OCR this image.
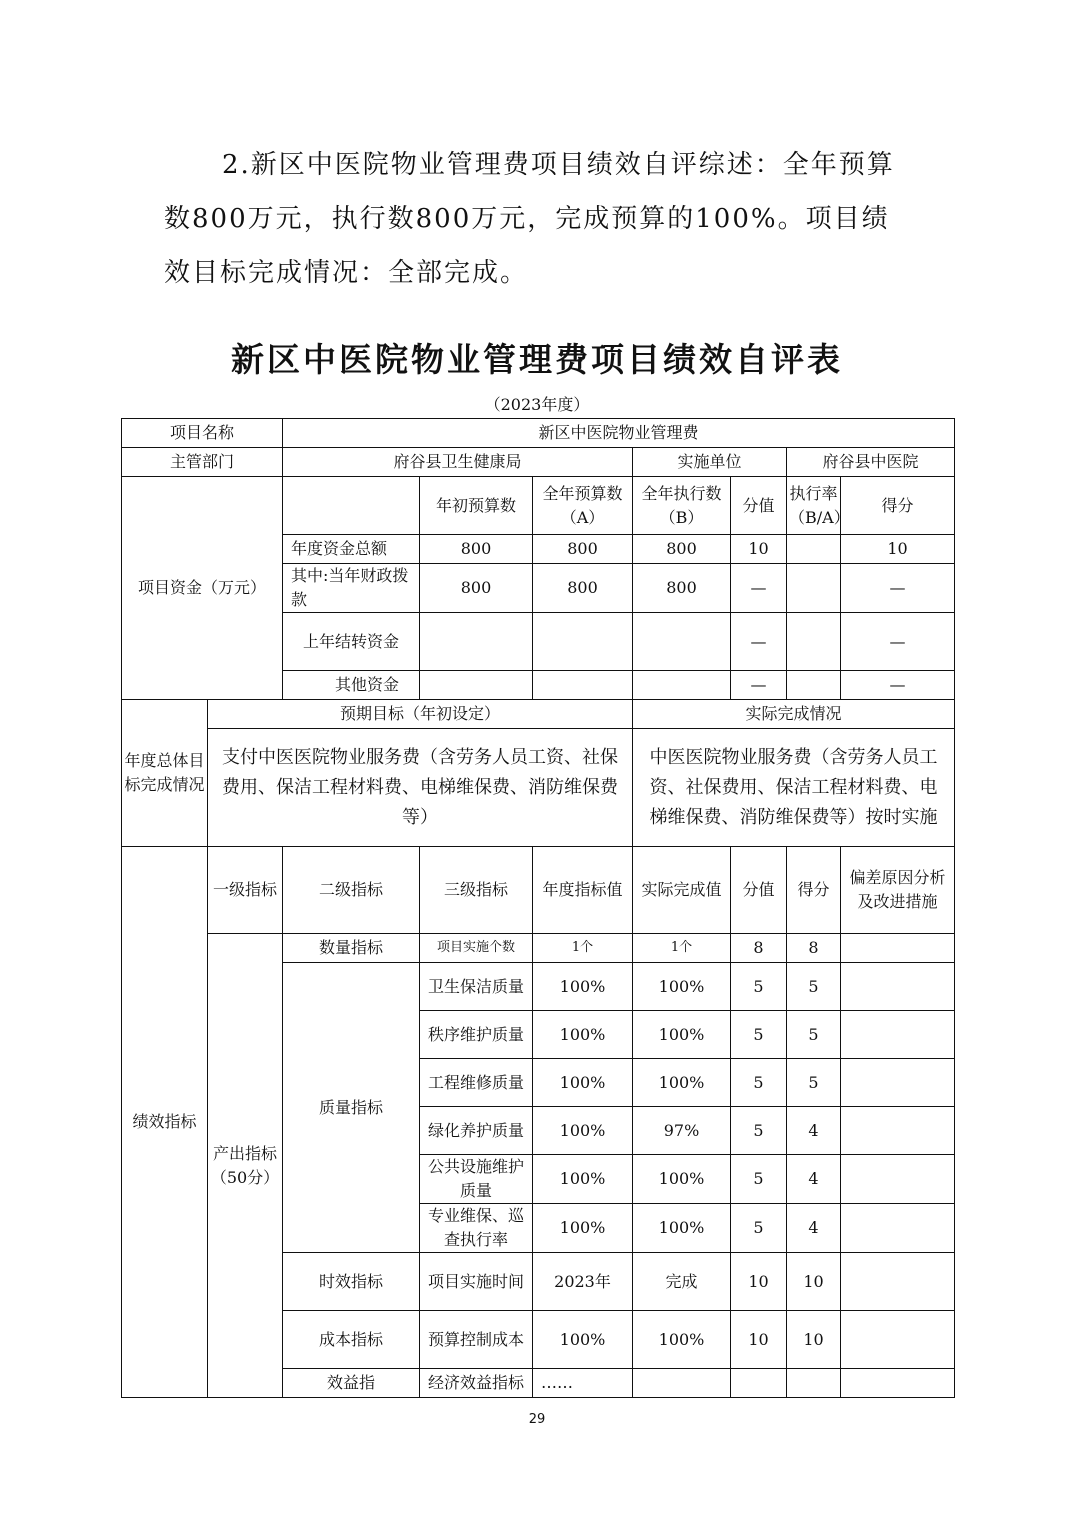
2.新区中医院物业管理费项目绩效自评综述：全年预算数800万元，执行数800万元，完成预算的100%。项目绩效目标完成情况：全部完成。

新区中医院物业管理费项目绩效自评表
（2023年度）
项目名称		新区中医院物业管理费							
主管部门		府谷县卫生健康局			实施单位		府谷县中医院		
项目资金（万元）			年初预算数	全年预算数（A）	全年执行数（B）	分值	执行率（B/A）	得分	
		年度资金总额	800	800	800	10		10	
		其中:当年财政拨款	800	800	800	—		—	
		上年结转资金				—		—	
		其他资金				—		—	
年度总体目标完成情况	预期目标（年初设定）				实际完成情况				
	支付中医医院物业服务费（含劳务人员工资、社保费用、保洁工程材料费、电梯维保费、消防维保费等）				中医医院物业服务费（含劳务人员工资、社保费用、保洁工程材料费、电梯维保费、消防维保费等）按时实施				
绩效指标	一级指标	二级指标	三级指标	年度指标值	实际完成值	分值	得分	偏差原因分析及改进措施	
	产出指标（50分）	数量指标	项目实施个数	1个	1个	8	8		
		质量指标	卫生保洁质量	100%	100%	5	5		
			秩序维护质量	100%	100%	5	5		
			工程维修质量	100%	100%	5	5		
			绿化养护质量	100%	97%	5	4		
			公共设施维护质量	100%	100%	5	4		
			专业维保、巡查执行率	100%	100%	5	4		
		时效指标	项目实施时间	2023年	完成	10	10		
		成本指标	预算控制成本	100%	100%	10	10		
		效益指	经济效益指标	……					
29
